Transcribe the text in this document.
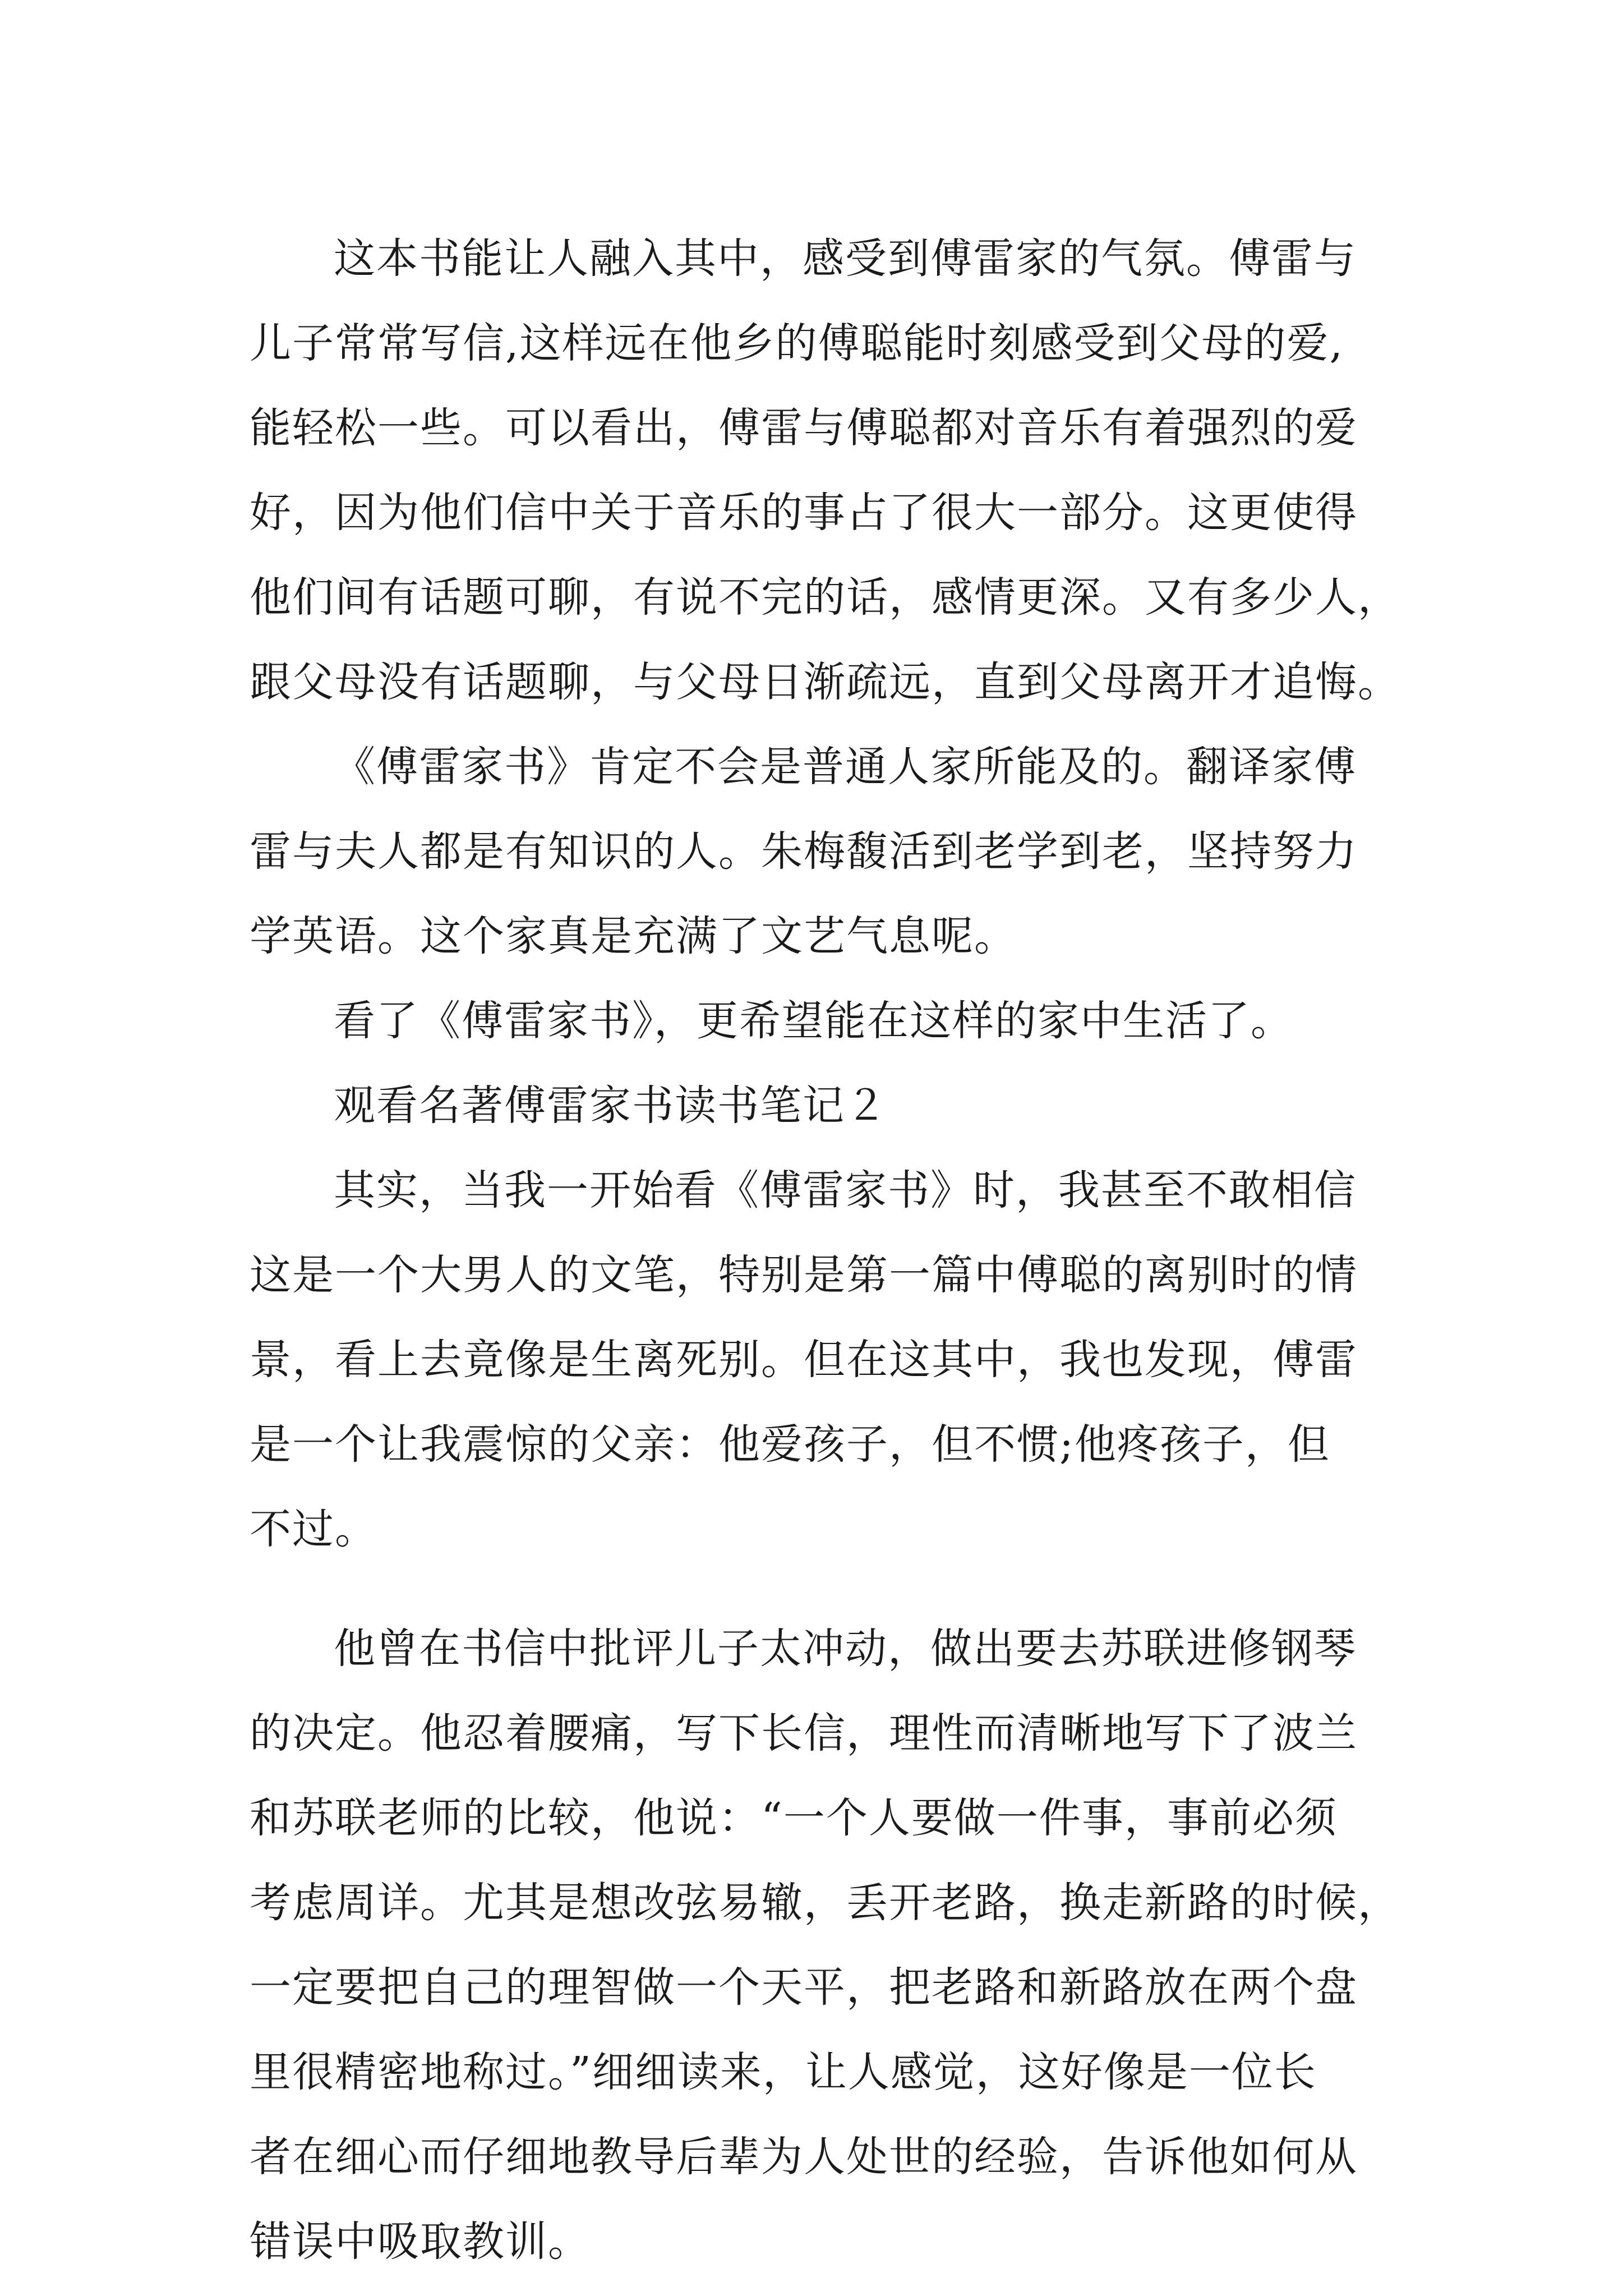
这本书能让人融入其中，感受到傅雷家的气氛。傅雷与
儿子常常写信,这样远在他乡的傅聪能时刻感受到父母的爱,
能轻松一些。可以看出，傅雷与傅聪都对音乐有着强烈的爱
好，因为他们信中关于音乐的事占了很大一部分。这更使得
他们间有话题可聊，有说不完的话，感情更深。又有多少人，
跟父母没有话题聊，与父母日渐疏远，直到父母离开才追悔。
《傅雷家书》肯定不会是普通人家所能及的。翻译家傅
雷与夫人都是有知识的人。朱梅馥活到老学到老，坚持努力
学英语。这个家真是充满了文艺气息呢。
看了《傅雷家书》，更希望能在这样的家中生活了。
观看名著傅雷家书读书笔记２
其实，当我一开始看《傅雷家书》时，我甚至不敢相信
这是一个大男人的文笔，特别是第一篇中傅聪的离别时的情
景，看上去竟像是生离死别。但在这其中，我也发现，傅雷
是一个让我震惊的父亲：他爱孩子，但不惯;他疼孩子，但
不过。
他曾在书信中批评儿子太冲动，做出要去苏联进修钢琴
的决定。他忍着腰痛，写下长信，理性而清晰地写下了波兰
和苏联老师的比较，他说：“一个人要做一件事，事前必须
考虑周详。尤其是想改弦易辙，丢开老路，换走新路的时候，
一定要把自己的理智做一个天平，把老路和新路放在两个盘
里很精密地称过。”细细读来，让人感觉，这好像是一位长
者在细心而仔细地教导后辈为人处世的经验，告诉他如何从
错误中吸取教训。
